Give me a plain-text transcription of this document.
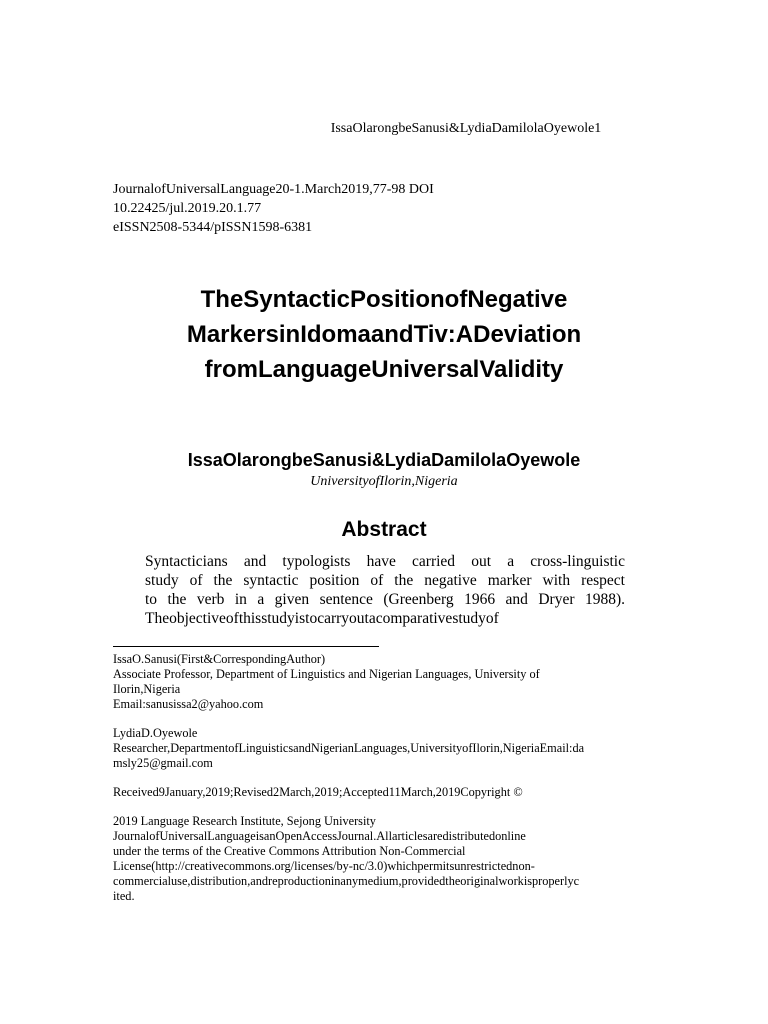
IssaOlarongbeSanusi&LydiaDamilolaOyewole1
JournalofUniversalLanguage20-1.March2019,77-98 DOI
10.22425/jul.2019.20.1.77
eISSN2508-5344/pISSN1598-6381
TheSyntacticPositionofNegative
MarkersinIdomaandTiv:ADeviation
fromLanguageUniversalValidity
IssaOlarongbeSanusi&LydiaDamilolaOyewole
UniversityofIlorin,Nigeria
Abstract
Syntacticians and typologists have carried out a cross-linguistic
study of the syntactic position of the negative marker with respect
to the verb in a given sentence (Greenberg 1966 and Dryer 1988).
Theobjectiveofthisstudyistocarryoutacomparativestudyof
IssaO.Sanusi(First&CorrespondingAuthor)
Associate Professor, Department of Linguistics and Nigerian Languages, University of
Ilorin,Nigeria
Email:sanusissa2@yahoo.com
LydiaD.Oyewole
Researcher,DepartmentofLinguisticsandNigerianLanguages,UniversityofIlorin,NigeriaEmail:da
msly25@gmail.com
Received9January,2019;Revised2March,2019;Accepted11March,2019Copyright ©
2019 Language Research Institute, Sejong University
JournalofUniversalLanguageisanOpenAccessJournal.Allarticlesaredistributedonline
under the terms of the Creative Commons Attribution Non-Commercial
License(http://creativecommons.org/licenses/by-nc/3.0)whichpermitsunrestrictednon-
commercialuse,distribution,andreproductioninanymedium,providedtheoriginalworkisproperlyc
ited.
